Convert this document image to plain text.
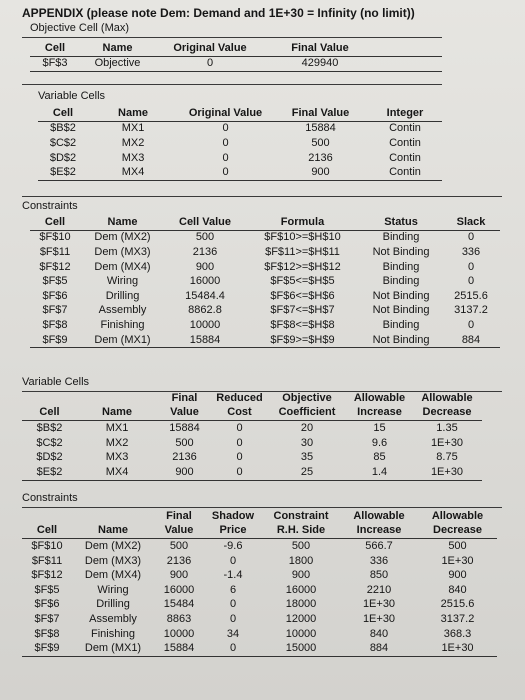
APPENDIX (please note Dem: Demand and 1E+30 = Infinity (no limit))
Objective Cell (Max)
Cell	Name	Original Value	Final Value	
$F$3	Objective	0	429940	
Variable Cells
Cell	Name	Original Value	Final Value	Integer
$B$2	MX1	0	15884	Contin
$C$2	MX2	0	500	Contin
$D$2	MX3	0	2136	Contin
$E$2	MX4	0	900	Contin
Constraints
Cell	Name	Cell Value	Formula	Status	Slack
$F$10	Dem (MX2)	500	$F$10>=$H$10	Binding	0
$F$11	Dem (MX3)	2136	$F$11>=$H$11	Not Binding	336
$F$12	Dem (MX4)	900	$F$12>=$H$12	Binding	0
$F$5	Wiring	16000	$F$5<=$H$5	Binding	0
$F$6	Drilling	15484.4	$F$6<=$H$6	Not Binding	2515.6
$F$7	Assembly	8862.8	$F$7<=$H$7	Not Binding	3137.2
$F$8	Finishing	10000	$F$8<=$H$8	Binding	0
$F$9	Dem (MX1)	15884	$F$9>=$H$9	Not Binding	884
Variable Cells
		Final	Reduced	Objective	Allowable	Allowable
Cell	Name	Value	Cost	Coefficient	Increase	Decrease
$B$2	MX1	15884	0	20	15	1.35
$C$2	MX2	500	0	30	9.6	1E+30
$D$2	MX3	2136	0	35	85	8.75
$E$2	MX4	900	0	25	1.4	1E+30
Constraints
		Final	Shadow	Constraint	Allowable	Allowable
Cell	Name	Value	Price	R.H. Side	Increase	Decrease
$F$10	Dem (MX2)	500	-9.6	500	566.7	500
$F$11	Dem (MX3)	2136	0	1800	336	1E+30
$F$12	Dem (MX4)	900	-1.4	900	850	900
$F$5	Wiring	16000	6	16000	2210	840
$F$6	Drilling	15484	0	18000	1E+30	2515.6
$F$7	Assembly	8863	0	12000	1E+30	3137.2
$F$8	Finishing	10000	34	10000	840	368.3
$F$9	Dem (MX1)	15884	0	15000	884	1E+30
